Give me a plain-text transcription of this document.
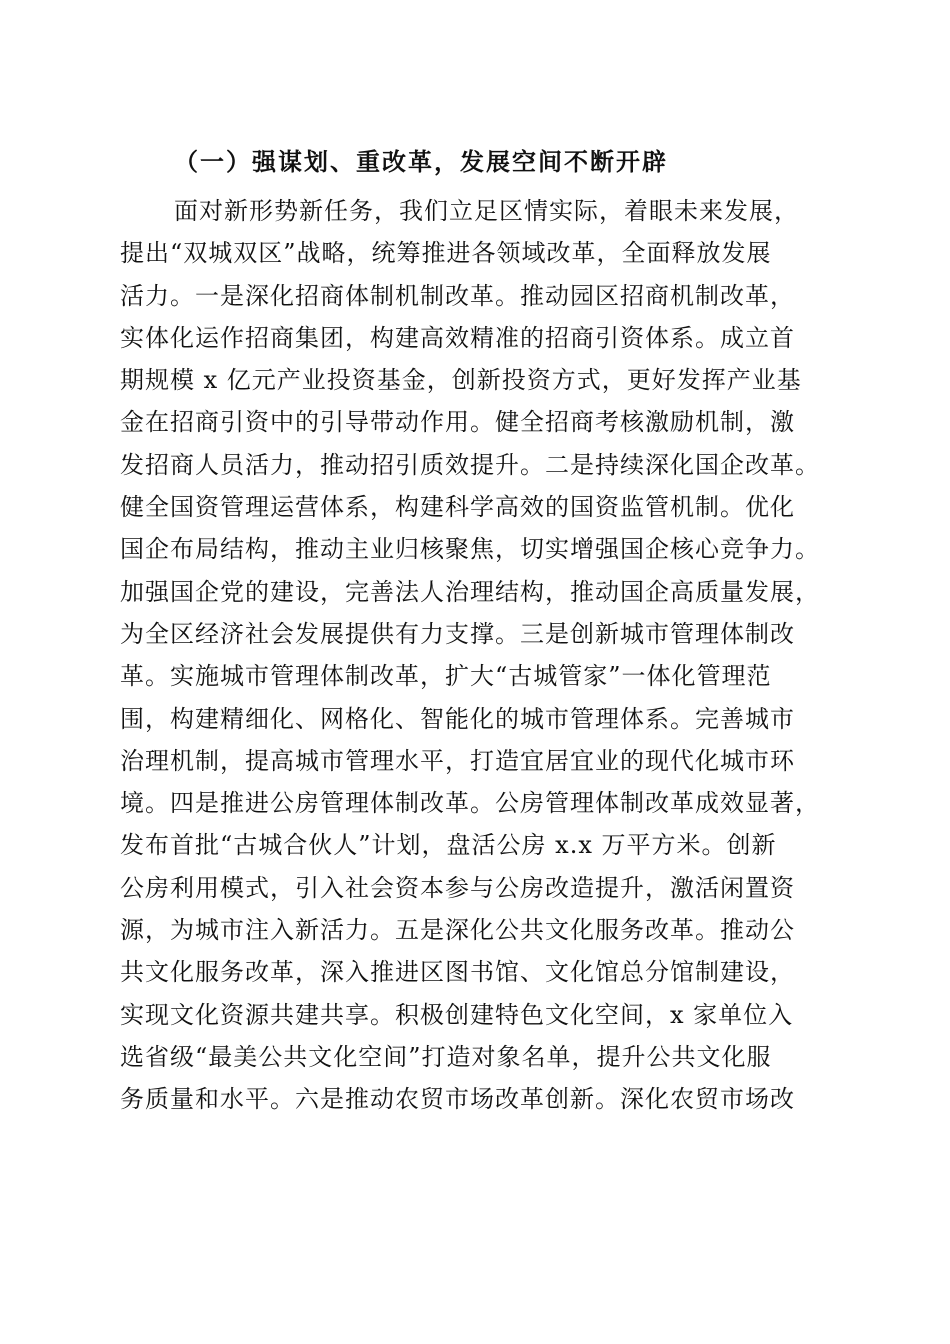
（一）强谋划、重改革，发展空间不断开辟
面对新形势新任务，我们立足区情实际，着眼未来发展，
提出“双城双区”战略，统筹推进各领域改革，全面释放发展
活力。一是深化招商体制机制改革。推动园区招商机制改革，
实体化运作招商集团，构建高效精准的招商引资体系。成立首
期规模 x 亿元产业投资基金，创新投资方式，更好发挥产业基
金在招商引资中的引导带动作用。健全招商考核激励机制，激
发招商人员活力，推动招引质效提升。二是持续深化国企改革。
健全国资管理运营体系，构建科学高效的国资监管机制。优化
国企布局结构，推动主业归核聚焦，切实增强国企核心竞争力。
加强国企党的建设，完善法人治理结构，推动国企高质量发展，
为全区经济社会发展提供有力支撑。三是创新城市管理体制改
革。实施城市管理体制改革，扩大“古城管家”一体化管理范
围，构建精细化、网格化、智能化的城市管理体系。完善城市
治理机制，提高城市管理水平，打造宜居宜业的现代化城市环
境。四是推进公房管理体制改革。公房管理体制改革成效显著，
发布首批“古城合伙人”计划，盘活公房 x.x 万平方米。创新
公房利用模式，引入社会资本参与公房改造提升，激活闲置资
源，为城市注入新活力。五是深化公共文化服务改革。推动公
共文化服务改革，深入推进区图书馆、文化馆总分馆制建设，
实现文化资源共建共享。积极创建特色文化空间，x 家单位入
选省级“最美公共文化空间”打造对象名单，提升公共文化服
务质量和水平。六是推动农贸市场改革创新。深化农贸市场改
